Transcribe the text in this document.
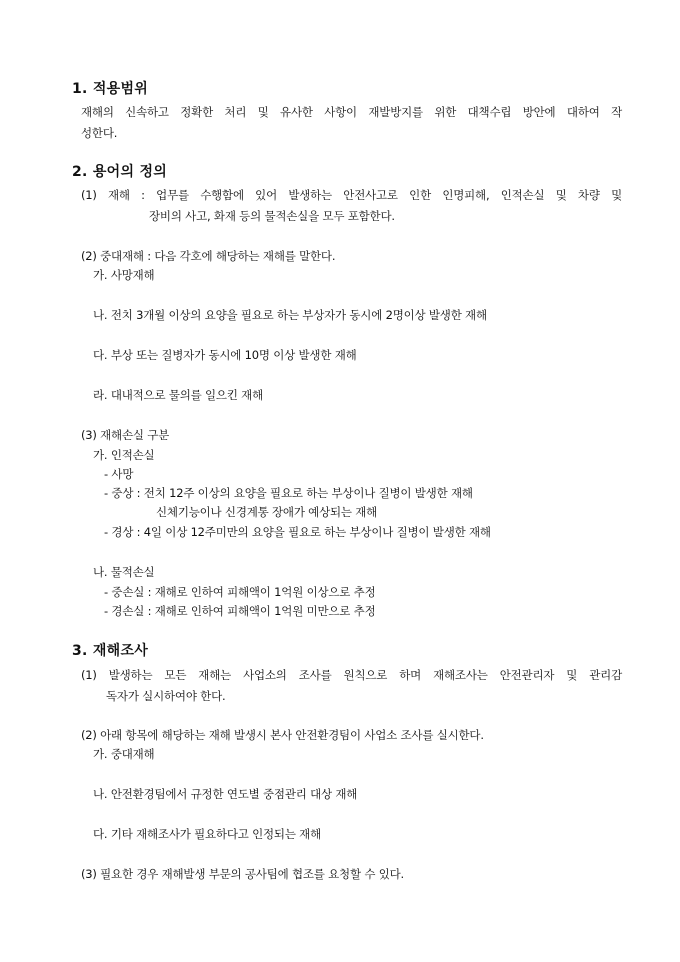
1. 적용범위
재해의 신속하고 정확한 처리 및 유사한 사항이 재발방지를 위한 대책수립 방안에 대하여 작
성한다.
2. 용어의 정의
(1) 재해 : 업무를 수행함에 있어 발생하는 안전사고로 인한 인명피해, 인적손실 및 차량 및
장비의 사고, 화재 등의 물적손실을 모두 포함한다.
(2) 중대재해 : 다음 각호에 해당하는 재해를 말한다.
가. 사망재해
나. 전치 3개월 이상의 요양을 필요로 하는 부상자가 동시에 2명이상 발생한 재해
다. 부상 또는 질병자가 동시에 10명 이상 발생한 재해
라. 대내적으로 물의를 일으킨 재해
(3) 재해손실 구분
가. 인적손실
- 사망
- 중상 : 전치 12주 이상의 요양을 필요로 하는 부상이나 질병이 발생한 재해
신체기능이나 신경계통 장애가 예상되는 재해
- 경상 : 4일 이상 12주미만의 요양을 필요로 하는 부상이나 질병이 발생한 재해
나. 물적손실
- 중손실 : 재해로 인하여 피해액이 1억원 이상으로 추정
- 경손실 : 재해로 인하여 피해액이 1억원 미만으로 추정
3. 재해조사
(1) 발생하는 모든 재해는 사업소의 조사를 원칙으로 하며 재해조사는 안전관리자 및 관리감
독자가 실시하여야 한다.
(2) 아래 항목에 해당하는 재해 발생시 본사 안전환경팀이 사업소 조사를 실시한다.
가. 중대재해
나. 안전환경팀에서 규정한 연도별 중점관리 대상 재해
다. 기타 재해조사가 필요하다고 인정되는 재해
(3) 필요한 경우 재해발생 부문의 공사팀에 협조를 요청할 수 있다.
